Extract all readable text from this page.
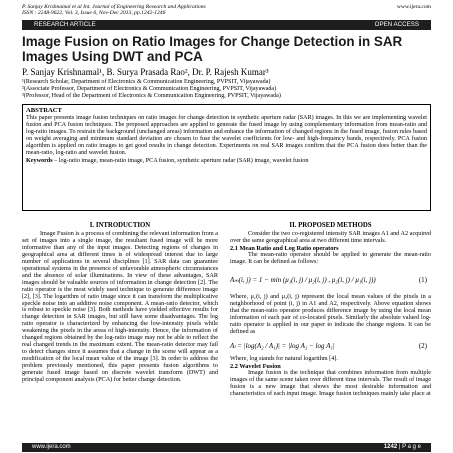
P. Sanjay Krishnamal et al Int. Journal of Engineering Research and Applications
ISSN : 2248-9622, Vol. 3, Issue 6, Nov-Dec 2013, pp.1242-1246
www.ijera.com
RESEARCH ARTICLE	OPEN ACCESS
Image Fusion on Ratio Images for Change Detection in SAR Images Using DWT and PCA
P. Sanjay Krishnamal¹, B. Surya Prasada Rao², Dr. P. Rajesh Kumar³
¹(Research Scholar, Department of Electronics & Communication Engineering, PVPSIT, Vijayawada)
²(Associate Professor, Department of Electronics & Communication Engineering, PVPSIT, Vijayawada)
³(Professor, Head of the Department of Electronics & Communication Engineering, PVPSIT, Vijayawada)
ABSTRACT
This paper presents image fusion techniques on ratio images for change detection in synthetic aperture radar (SAR) images. In this we are implementing wavelet fusion and PCA fusion techniques. The proposed approaches are applied to generate the fused image by using complementary information from mean-ratio and log-ratio images. To restrain the background (unchanged areas) information and enhance the information of changed regions in the fused image, fusion rules based on weight averaging and minimum standard deviation are chosen to fuse the wavelet coefficients for low- and high-frequency bands, respectively. PCA fusion algorithm is applied on ratio images to get good results in change detection. Experiments on real SAR images confirm that the PCA fusion does better than the mean-ratio, log-ratio and wavelet fusion.
Keywords – log-ratio image, mean-ratio image, PCA fusion, synthetic aperture radar (SAR) image, wavelet fusion
I. INTRODUCTION
Image Fusion is a process of combining the relevant information from a set of images into a single image, the resultant fused image will be more informative than any of the input images. Detecting regions of changes in geographical area at different times is of widespread interest due to large number of applications in several disciplines [1]. SAR data can guarantee operational systems in the presence of unfavorable atmospheric circumstances and the absence of solar illuminations. In view of these advantages, SAR images should be valuable sources of information in change detection [2]. The ratio operator is the most widely used technique to generate difference image [2], [3]. The logarithm of ratio image since it can transform the multiplicative speckle noise into an additive noise component. A mean-ratio detector, which is robust to speckle noise [3]. Both methods have yielded effective results for change detection in SAR images, but still have some disadvantages. The log ratio operator is characterized by enhancing the low-intensity pixels while weakening the pixels in the areas of high-intensity. Hence, the information of changed regions obtained by the log-ratio image may not be able to reflect the real changed trends in the maximum extent. The mean-ratio detector may fail to detect changes since it assumes that a change in the scene will appear as a modification of the local mean value of the image [3]. In order to address the problem previously mentioned, this paper presents fusion algorithms to generate fused image based on discrete wavelet transform (DWT) and principal component analysis (PCA) for better change detection.
II. PROPOSED METHODS
Consider the two co-registered intensity SAR images A1 and A2 acquired over the same geographical area at two different time intervals.
2.1 Mean Ratio and Log Ratio operators
The mean-ratio operator should be applied to generate the mean-ratio image. It can be defined as follows:
Aₘ(i, j) = 1 − min (μ₁(i, j) / μ₂(i, j) , μ₂(i, j) / μ₁(i, j))	(1)
Where, μ₁(i, j) and μ₂(i, j) represent the local mean values of the pixels in a neighborhood of point (i, j) in A1 and A2, respectively. Above equation shows that the mean-ratio operator produces difference image by using the local mean information of each pair of co-located pixels. Similarly the absolute valued log-ratio operator is applied in our paper to indicate the change regions. It can be defined as
Aₗ = |log(A₂ / A₁)| = |log A₂ − log A₁|	(2)
Where, log stands for natural logarithm [4].
2.2 Wavelet Fusion
Image fusion is the technique that combines information from multiple images of the same scene taken over different time intervals. The result of image fusion is a new image that shows the most desirable information and characteristics of each input image. Image fusion techniques mainly take place at
www.ijera.com	1242 | P a g e
